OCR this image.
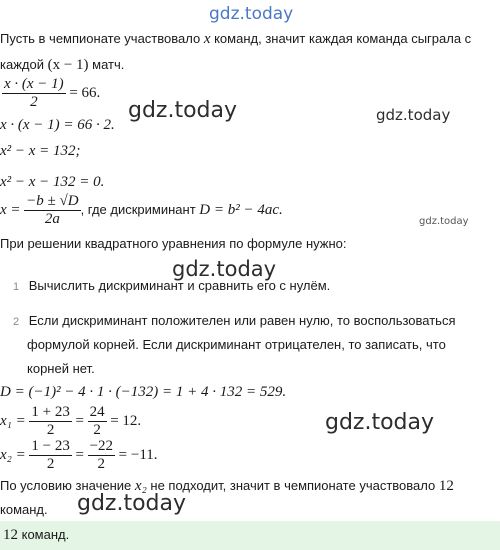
gdz.today
gdz.today	gdz.today
gdz.today
gdz.today
gdz.today
gdz.today
Пусть в чемпионате участвовало x команд, значит каждая команда сыграла с
каждой (x − 1) матч.
$\frac{x \cdot (x - 1)}{2} = 66$.
x · (x − 1) = 66 · 2.
x² − x = 132;
x² − x − 132 = 0.
$x = \frac{-b \pm √D}{2a}$ , где дискриминант D = b² − 4ac.
При решении квадратного уравнения по формуле нужно:
1 Вычислить дискриминант и сравнить его с нулём.
2 Если дискриминант положителен или равен нулю, то воспользоваться
формулой корней. Если дискриминант отрицателен, то записать, что
корней нет.
D = (−1)² − 4 · 1 · (−132) = 1 + 4 · 132 = 529.
$x_1 = \frac{1 + 23}{2} = \frac{24}{2} = 12$.
$x_2 = \frac{1 - 23}{2} = \frac{-22}{2} = -11$.
По условию значение x₂ не подходит, значит в чемпионате участвовало 12
команд.
12 команд.
